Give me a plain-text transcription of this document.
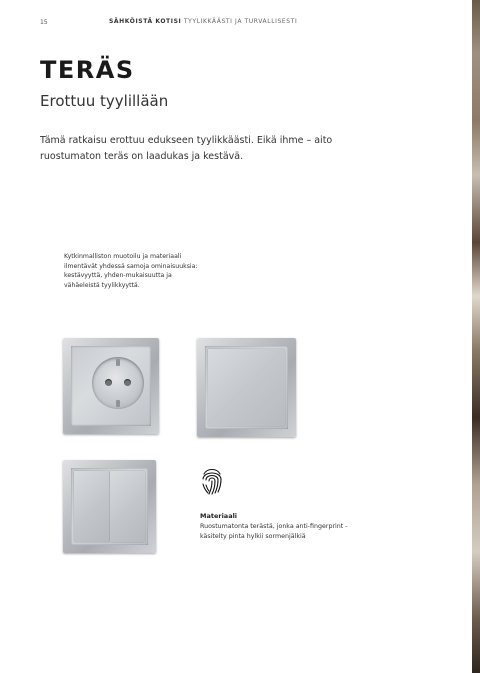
15	SÄHKÖISTÄ KOTISI TYYLIKKÄÄSTI JA TURVALLISESTI
TERÄS
Erottuu tyylillään
Tämä ratkaisu erottuu edukseen tyylikkäästi. Eikä ihme – aito ruostumaton teräs on laadukas ja kestävä.
Kytkinmalliston muotoilu ja materiaali ilmentävät yhdessä samoja ominaisuuksia: kestävyyttä, yhden-mukaisuutta ja vähäeleistä tyylikkyyttä.
Materiaali
Ruostumatonta terästä, jonka anti-fingerprint -käsitelty pinta hylkii sormenjälkiä
